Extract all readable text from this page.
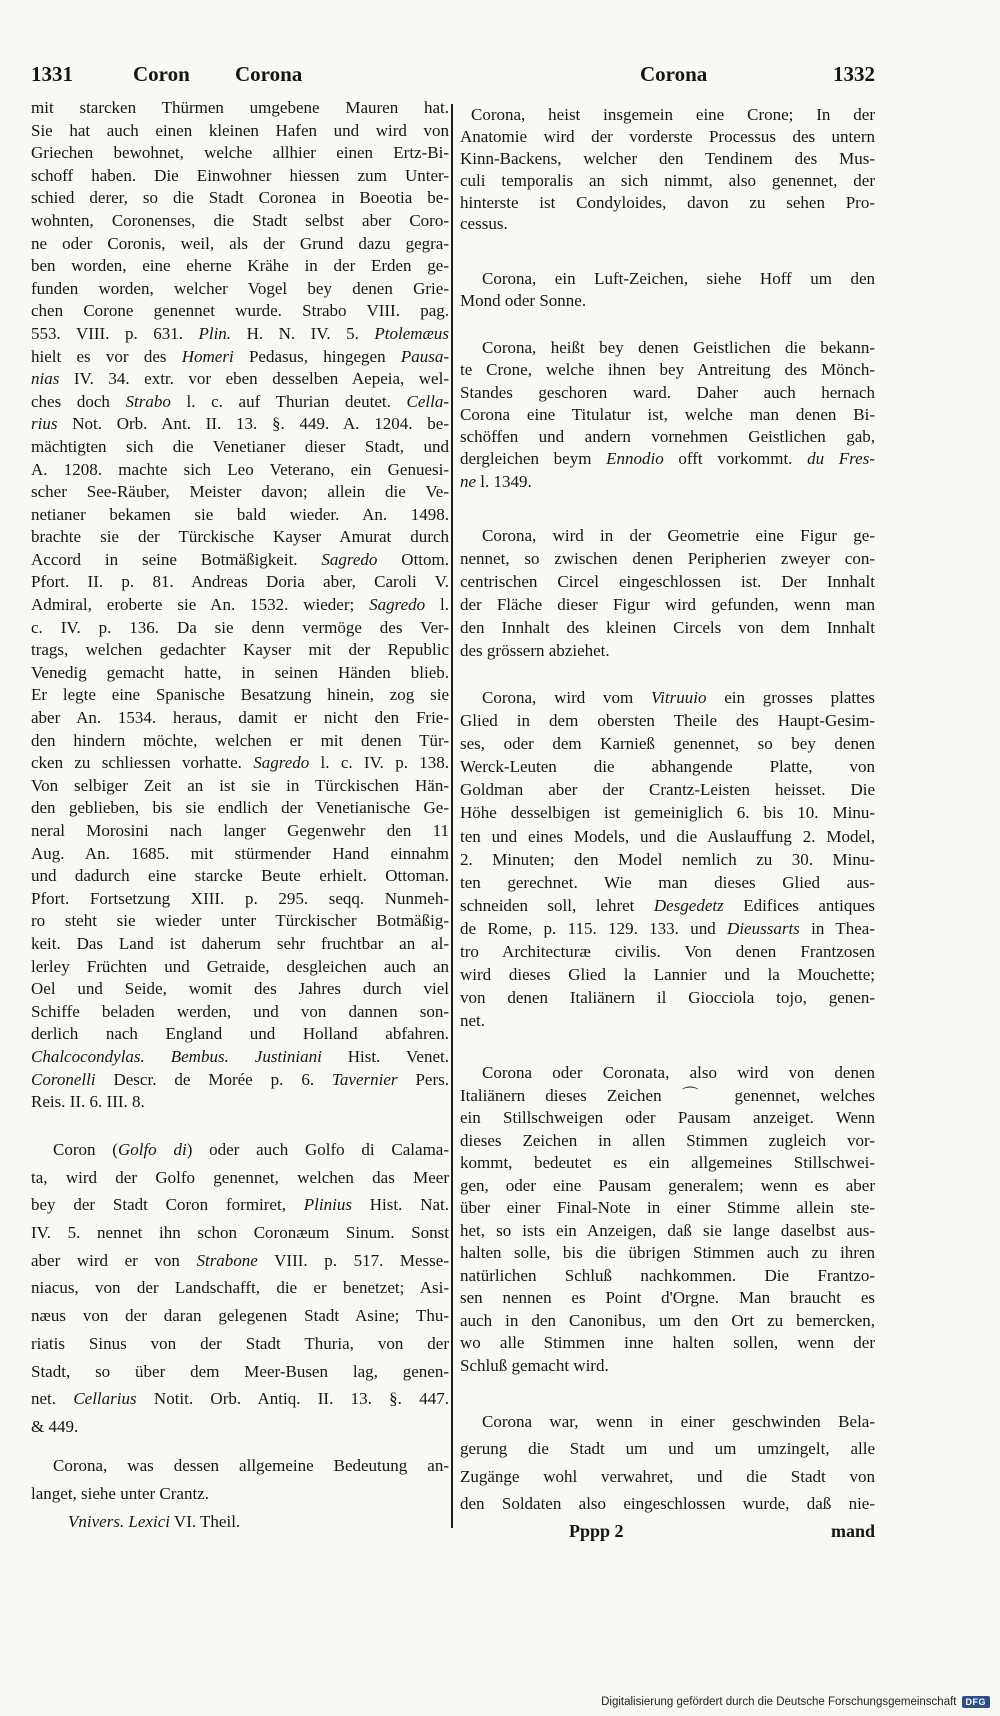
1331	Coron Corona	Corona	1332
mit starcken Thürmen umgebene Mauren hat.
Sie hat auch einen kleinen Hafen und wird von
Griechen bewohnet, welche allhier einen Ertz-Bi-
schoff haben. Die Einwohner hiessen zum Unter-
schied derer, so die Stadt Coronea in Boeotia be-
wohnten, Coronenses, die Stadt selbst aber Coro-
ne oder Coronis, weil, als der Grund dazu gegra-
ben worden, eine eherne Krähe in der Erden ge-
funden worden, welcher Vogel bey denen Grie-
chen Corone genennet wurde. Strabo VIII. pag.
553. VIII. p. 631. Plin. H. N. IV. 5. Ptolemæus
hielt es vor des Homeri Pedasus, hingegen Pausa-
nias IV. 34. extr. vor eben desselben Aepeia, wel-
ches doch Strabo l. c. auf Thurian deutet. Cella-
rius Not. Orb. Ant. II. 13. §. 449. A. 1204. be-
mächtigten sich die Venetianer dieser Stadt, und
A. 1208. machte sich Leo Veterano, ein Genuesi-
scher See-Räuber, Meister davon; allein die Ve-
netianer bekamen sie bald wieder. An. 1498.
brachte sie der Türckische Kayser Amurat durch
Accord in seine Botmäßigkeit. Sagredo Ottom.
Pfort. II. p. 81. Andreas Doria aber, Caroli V.
Admiral, eroberte sie An. 1532. wieder; Sagredo l.
c. IV. p. 136. Da sie denn vermöge des Ver-
trags, welchen gedachter Kayser mit der Republic
Venedig gemacht hatte, in seinen Händen blieb.
Er legte eine Spanische Besatzung hinein, zog sie
aber An. 1534. heraus, damit er nicht den Frie-
den hindern möchte, welchen er mit denen Tür-
cken zu schliessen vorhatte. Sagredo l. c. IV. p. 138.
Von selbiger Zeit an ist sie in Türckischen Hän-
den geblieben, bis sie endlich der Venetianische Ge-
neral Morosini nach langer Gegenwehr den 11
Aug. An. 1685. mit stürmender Hand einnahm
und dadurch eine starcke Beute erhielt. Ottoman.
Pfort. Fortsetzung XIII. p. 295. seqq. Nunmeh-
ro steht sie wieder unter Türckischer Botmäßig-
keit. Das Land ist daherum sehr fruchtbar an al-
lerley Früchten und Getraide, desgleichen auch an
Oel und Seide, womit des Jahres durch viel
Schiffe beladen werden, und von dannen son-
derlich nach England und Holland abfahren.
Chalcocondylas. Bembus. Justiniani Hist. Venet.
Coronelli Descr. de Morée p. 6. Tavernier Pers.
Reis. II. 6. III. 8.
Coron (Golfo di) oder auch Golfo di Calama-
ta, wird der Golfo genennet, welchen das Meer
bey der Stadt Coron formiret, Plinius Hist. Nat.
IV. 5. nennet ihn schon Coronæum Sinum. Sonst
aber wird er von Strabone VIII. p. 517. Messe-
niacus, von der Landschafft, die er benetzet; Asi-
næus von der daran gelegenen Stadt Asine; Thu-
riatis Sinus von der Stadt Thuria, von der
Stadt, so über dem Meer-Busen lag, genen-
net. Cellarius Notit. Orb. Antiq. II. 13. §. 447.
& 449.
Corona, was dessen allgemeine Bedeutung an-
langet, siehe unter Crantz.
Corona, heist insgemein eine Crone; In der
Anatomie wird der vorderste Processus des untern
Kinn-Backens, welcher den Tendinem des Mus-
culi temporalis an sich nimmt, also genennet, der
hinterste ist Condyloides, davon zu sehen Pro-
cessus.
Corona, ein Luft-Zeichen, siehe Hoff um den
Mond oder Sonne.
Corona, heißt bey denen Geistlichen die bekann-
te Crone, welche ihnen bey Antreitung des Mönch-
Standes geschoren ward. Daher auch hernach
Corona eine Titulatur ist, welche man denen Bi-
schöffen und andern vornehmen Geistlichen gab,
dergleichen beym Ennodio offt vorkommt. du Fres-
ne l. 1349.
Corona, wird in der Geometrie eine Figur ge-
nennet, so zwischen denen Peripherien zweyer con-
centrischen Circel eingeschlossen ist. Der Innhalt
der Fläche dieser Figur wird gefunden, wenn man
den Innhalt des kleinen Circels von dem Innhalt
des grössern abziehet.
Corona, wird vom Vitruuio ein grosses plattes
Glied in dem obersten Theile des Haupt-Gesim-
ses, oder dem Karnieß genennet, so bey denen
Werck-Leuten die abhangende Platte, von
Goldman aber der Crantz-Leisten heisset. Die
Höhe desselbigen ist gemeiniglich 6. bis 10. Minu-
ten und eines Models, und die Auslauffung 2. Model,
2. Minuten; den Model nemlich zu 30. Minu-
ten gerechnet. Wie man dieses Glied aus-
schneiden soll, lehret Desgedetz Edifices antiques
de Rome, p. 115. 129. 133. und Dieussarts in Thea-
tro Architecturæ civilis. Von denen Frantzosen
wird dieses Glied la Lannier und la Mouchette;
von denen Italiänern il Giocciola tojo, genen-
net.
Corona oder Coronata, also wird von denen
Italiänern dieses Zeichen ⌒ genennet, welches
ein Stillschweigen oder Pausam anzeiget. Wenn
dieses Zeichen in allen Stimmen zugleich vor-
kommt, bedeutet es ein allgemeines Stillschwei-
gen, oder eine Pausam generalem; wenn es aber
über einer Final-Note in einer Stimme allein ste-
het, so ists ein Anzeigen, daß sie lange daselbst aus-
halten solle, bis die übrigen Stimmen auch zu ihren
natürlichen Schluß nachkommen. Die Frantzo-
sen nennen es Point d'Orgne. Man braucht es
auch in den Canonibus, um den Ort zu bemercken,
wo alle Stimmen inne halten sollen, wenn der
Schluß gemacht wird.
Corona war, wenn in einer geschwinden Bela-
gerung die Stadt um und um umzingelt, alle
Zugänge wohl verwahret, und die Stadt von
den Soldaten also eingeschlossen wurde, daß nie-
Vnivers. Lexici VI. Theil.	Pppp 2	mand
Digitalisierung gefördert durch die Deutsche Forschungsgemeinschaft	DFG
